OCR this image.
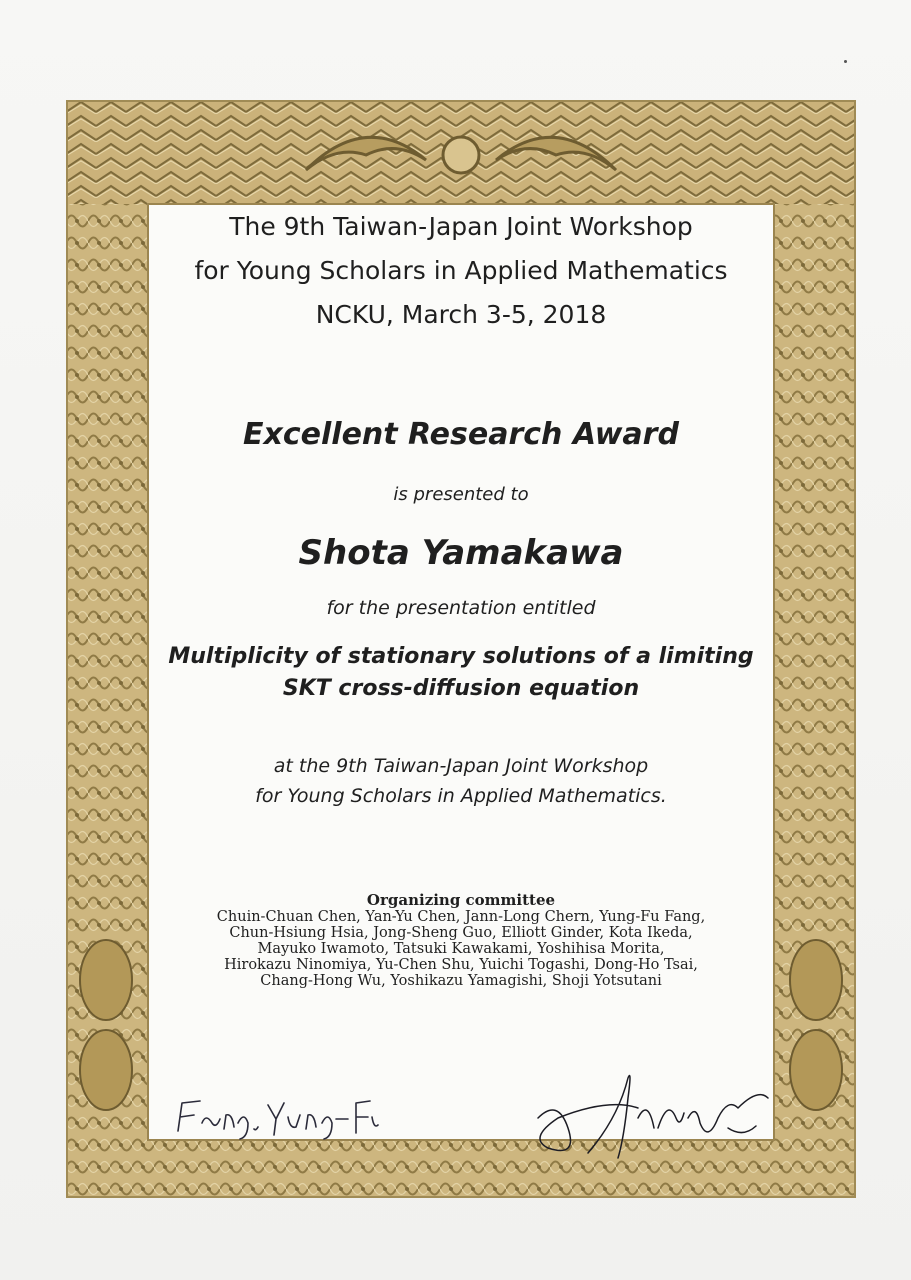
The 9th Taiwan-Japan Joint Workshop
for Young Scholars in Applied Mathematics
NCKU, March 3-5, 2018
Excellent Research Award
is presented to
Shota Yamakawa
for the presentation entitled
Multiplicity of stationary solutions of a limiting
SKT cross-diffusion equation
at the 9th Taiwan-Japan Joint Workshop
for Young Scholars in Applied Mathematics.
Organizing committee
Chuin-Chuan Chen, Yan-Yu Chen, Jann-Long Chern, Yung-Fu Fang,
Chun-Hsiung Hsia, Jong-Sheng Guo, Elliott Ginder, Kota Ikeda,
Mayuko Iwamoto, Tatsuki Kawakami, Yoshihisa Morita,
Hirokazu Ninomiya, Yu-Chen Shu, Yuichi Togashi, Dong-Ho Tsai,
Chang-Hong Wu, Yoshikazu Yamagishi, Shoji Yotsutani
